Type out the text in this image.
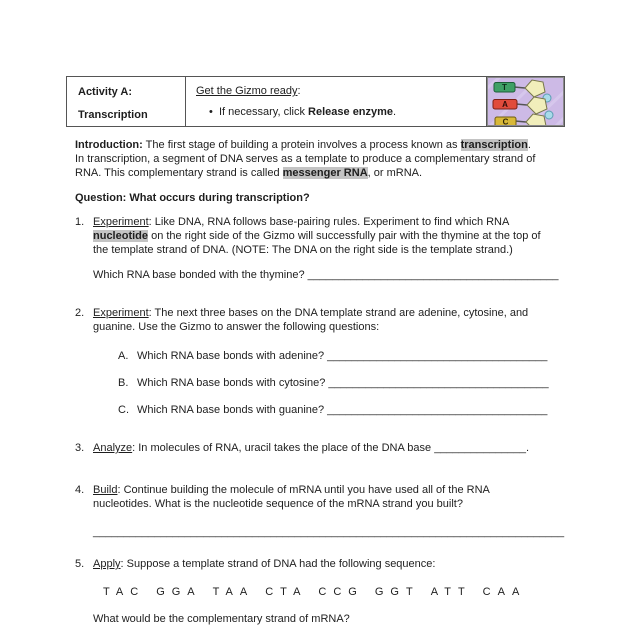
Activity A:
Transcription
Get the Gizmo ready:
• If necessary, click Release enzyme.
T
A
C
Introduction: The first stage of building a protein involves a process known as transcription.
In transcription, a segment of DNA serves as a template to produce a complementary strand of
RNA. This complementary strand is called messenger RNA, or mRNA.
Question: What occurs during transcription?
1. Experiment: Like DNA, RNA follows base-pairing rules. Experiment to find which RNA
nucleotide on the right side of the Gizmo will successfully pair with the thymine at the top of
the template strand of DNA. (NOTE: The DNA on the right side is the template strand.)
Which RNA base bonded with the thymine? _________________________________________
2. Experiment: The next three bases on the DNA template strand are adenine, cytosine, and
guanine. Use the Gizmo to answer the following questions:
A. Which RNA base bonds with adenine? ____________________________________
B. Which RNA base bonds with cytosine? ____________________________________
C. Which RNA base bonds with guanine? ____________________________________
3. Analyze: In molecules of RNA, uracil takes the place of the DNA base _______________.
4. Build: Continue building the molecule of mRNA until you have used all of the RNA
nucleotides. What is the nucleotide sequence of the mRNA strand you built?
_____________________________________________________________________________
5. Apply: Suppose a template strand of DNA had the following sequence:
TAC GGA TAA CTA CCG GGT ATT CAA
What would be the complementary strand of mRNA?
